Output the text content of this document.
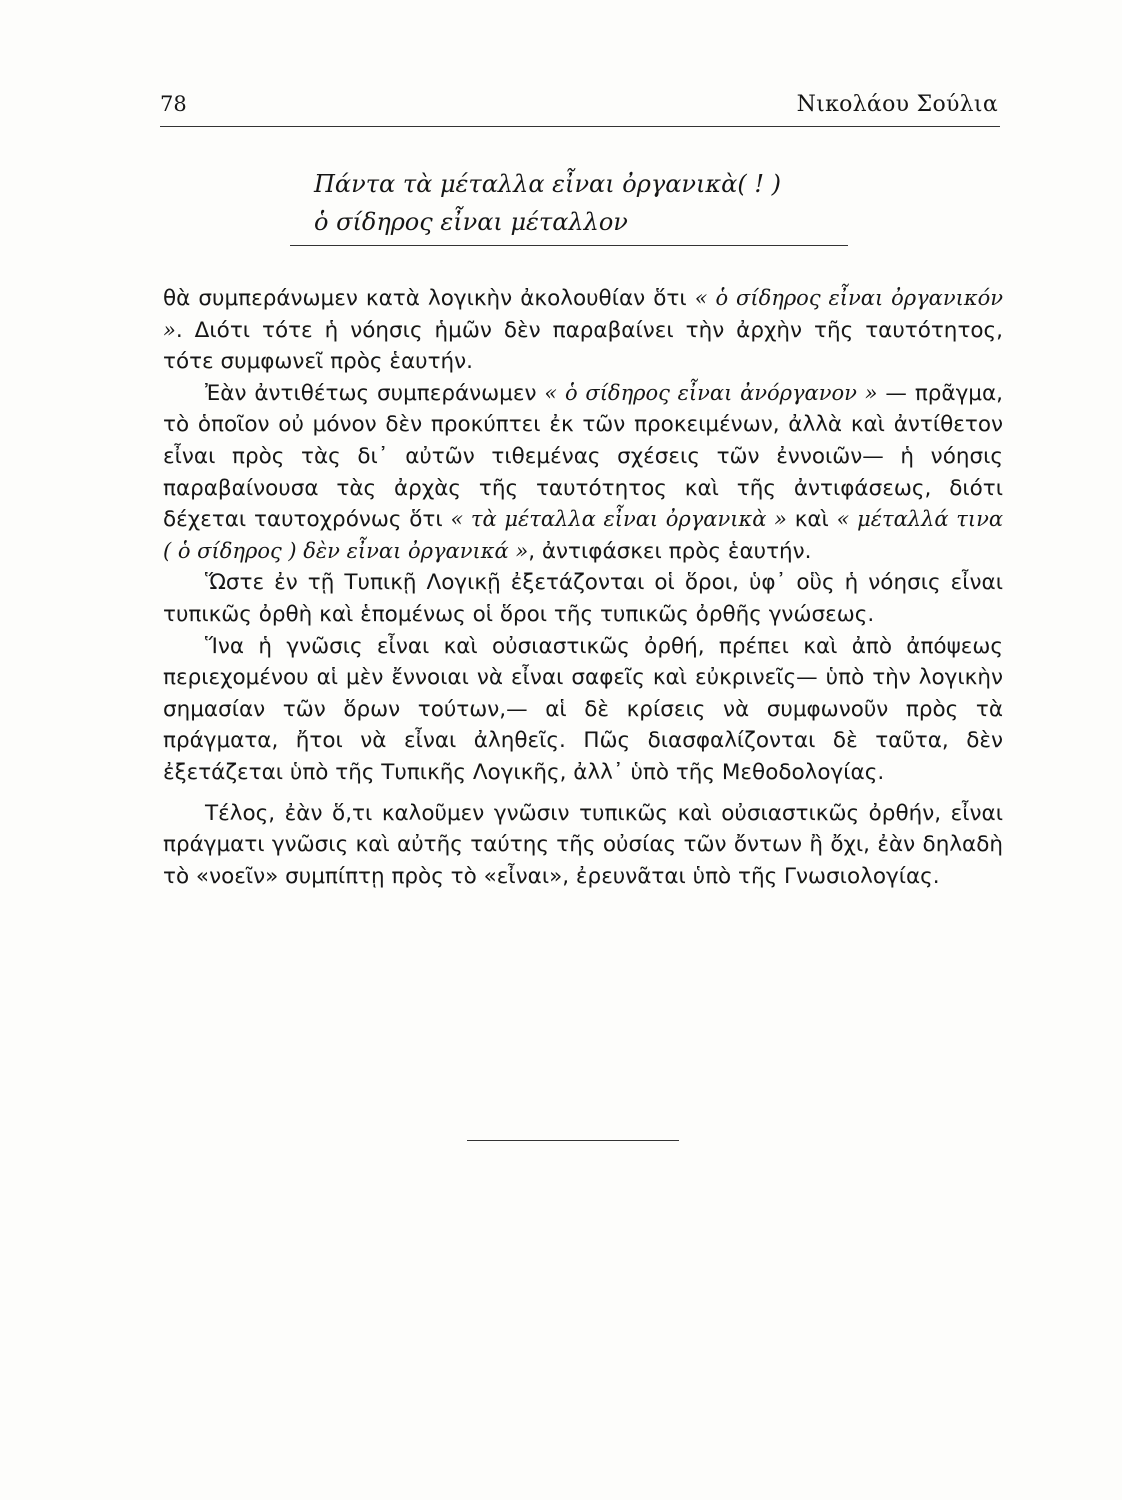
78	Νικολάου Σούλια
Πάντα τὰ μέταλλα εἶναι ὀργανικὰ( ! )
ὁ σίδηρος εἶναι μέταλλον

θὰ συμπεράνωμεν κατὰ λογικὴν ἀκολουθίαν ὅτι « ὁ σίδηρος εἶναι ὀργανικόν ». Διότι τότε ἡ νόησις ἡμῶν δὲν παραβαίνει τὴν ἀρχὴν τῆς ταυτότητος, τότε συμφωνεῖ πρὸς ἑαυτήν.

Ἐὰν ἀντιθέτως συμπεράνωμεν « ὁ σίδηρος εἶναι ἀνόργανον » — πρᾶγμα, τὸ ὁποῖον οὐ μόνον δὲν προκύπτει ἐκ τῶν προκειμένων, ἀλλὰ καὶ ἀντίθετον εἶναι πρὸς τὰς δι᾽ αὐτῶν τιθεμένας σχέσεις τῶν ἐννοιῶν— ἡ νόησις παραβαίνουσα τὰς ἀρχὰς τῆς ταυτότητος καὶ τῆς ἀντιφάσεως, διότι δέχεται ταυτοχρόνως ὅτι « τὰ μέταλλα εἶναι ὀργανικὰ » καὶ « μέταλλά τινα ( ὁ σίδηρος ) δὲν εἶναι ὀργανικά », ἀντιφάσκει πρὸς ἑαυτήν.

Ὥστε ἐν τῇ Τυπικῇ Λογικῇ ἐξετάζονται οἱ ὅροι, ὑφ᾽ οὓς ἡ νόησις εἶναι τυπικῶς ὀρθὴ καὶ ἑπομένως οἱ ὅροι τῆς τυπικῶς ὀρθῆς γνώσεως.

Ἵνα ἡ γνῶσις εἶναι καὶ οὐσιαστικῶς ὀρθή, πρέπει καὶ ἀπὸ ἀπόψεως περιεχομένου αἱ μὲν ἔννοιαι νὰ εἶναι σαφεῖς καὶ εὐκρινεῖς— ὑπὸ τὴν λογικὴν σημασίαν τῶν ὅρων τούτων,— αἱ δὲ κρίσεις νὰ συμφωνοῦν πρὸς τὰ πράγματα, ἤτοι νὰ εἶναι ἀληθεῖς. Πῶς διασφαλίζονται δὲ ταῦτα, δὲν ἐξετάζεται ὑπὸ τῆς Τυπικῆς Λογικῆς, ἀλλ᾽ ὑπὸ τῆς Μεθοδολογίας.

Τέλος, ἐὰν ὅ,τι καλοῦμεν γνῶσιν τυπικῶς καὶ οὐσιαστικῶς ὀρθήν, εἶναι πράγματι γνῶσις καὶ αὐτῆς ταύτης τῆς οὐσίας τῶν ὄντων ἢ ὄχι, ἐὰν δηλαδὴ τὸ «νοεῖν» συμπίπτῃ πρὸς τὸ «εἶναι», ἐρευνᾶται ὑπὸ τῆς Γνωσιολογίας.
